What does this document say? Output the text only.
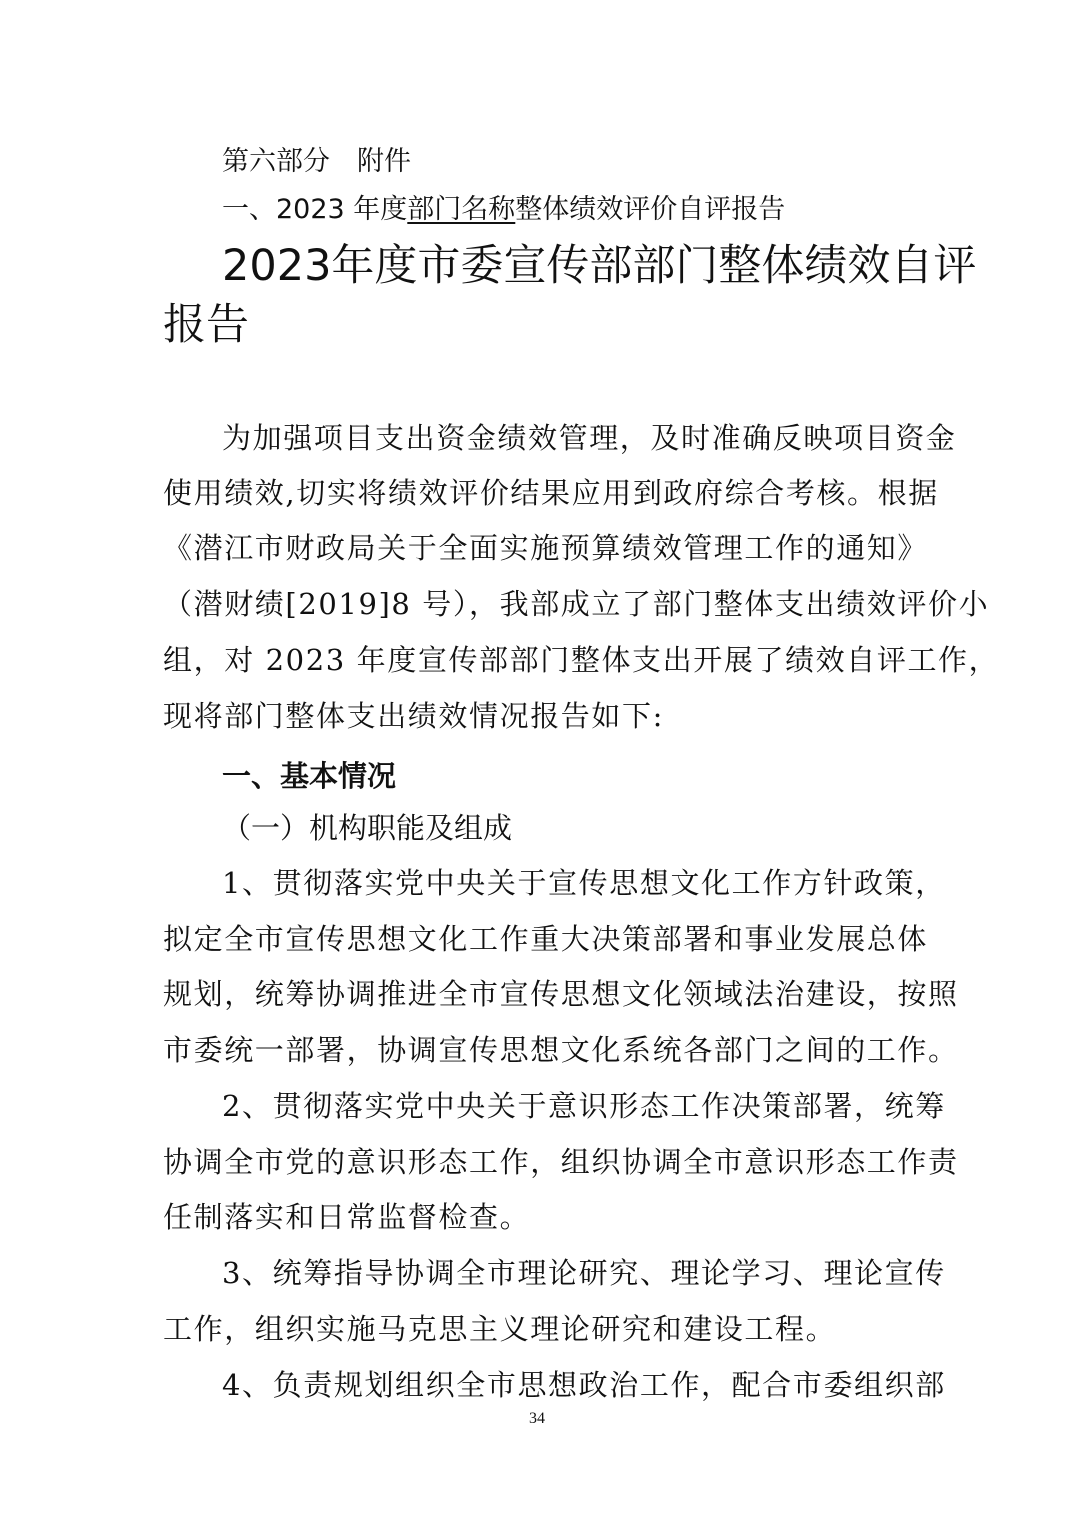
第六部分　附件
一、2023 年度部门名称整体绩效评价自评报告
2023年度市委宣传部部门整体绩效自评
报告
为加强项目支出资金绩效管理，及时准确反映项目资金
使用绩效,切实将绩效评价结果应用到政府综合考核。根据
《潜江市财政局关于全面实施预算绩效管理工作的通知》
（潜财绩[2019]8 号），我部成立了部门整体支出绩效评价小
组，对 2023 年度宣传部部门整体支出开展了绩效自评工作，
现将部门整体支出绩效情况报告如下:
一、基本情况
（一）机构职能及组成
1、贯彻落实党中央关于宣传思想文化工作方针政策，
拟定全市宣传思想文化工作重大决策部署和事业发展总体
规划，统筹协调推进全市宣传思想文化领域法治建设，按照
市委统一部署，协调宣传思想文化系统各部门之间的工作。
2、贯彻落实党中央关于意识形态工作决策部署，统筹
协调全市党的意识形态工作，组织协调全市意识形态工作责
任制落实和日常监督检查。
3、统筹指导协调全市理论研究、理论学习、理论宣传
工作，组织实施马克思主义理论研究和建设工程。
4、负责规划组织全市思想政治工作，配合市委组织部
34
